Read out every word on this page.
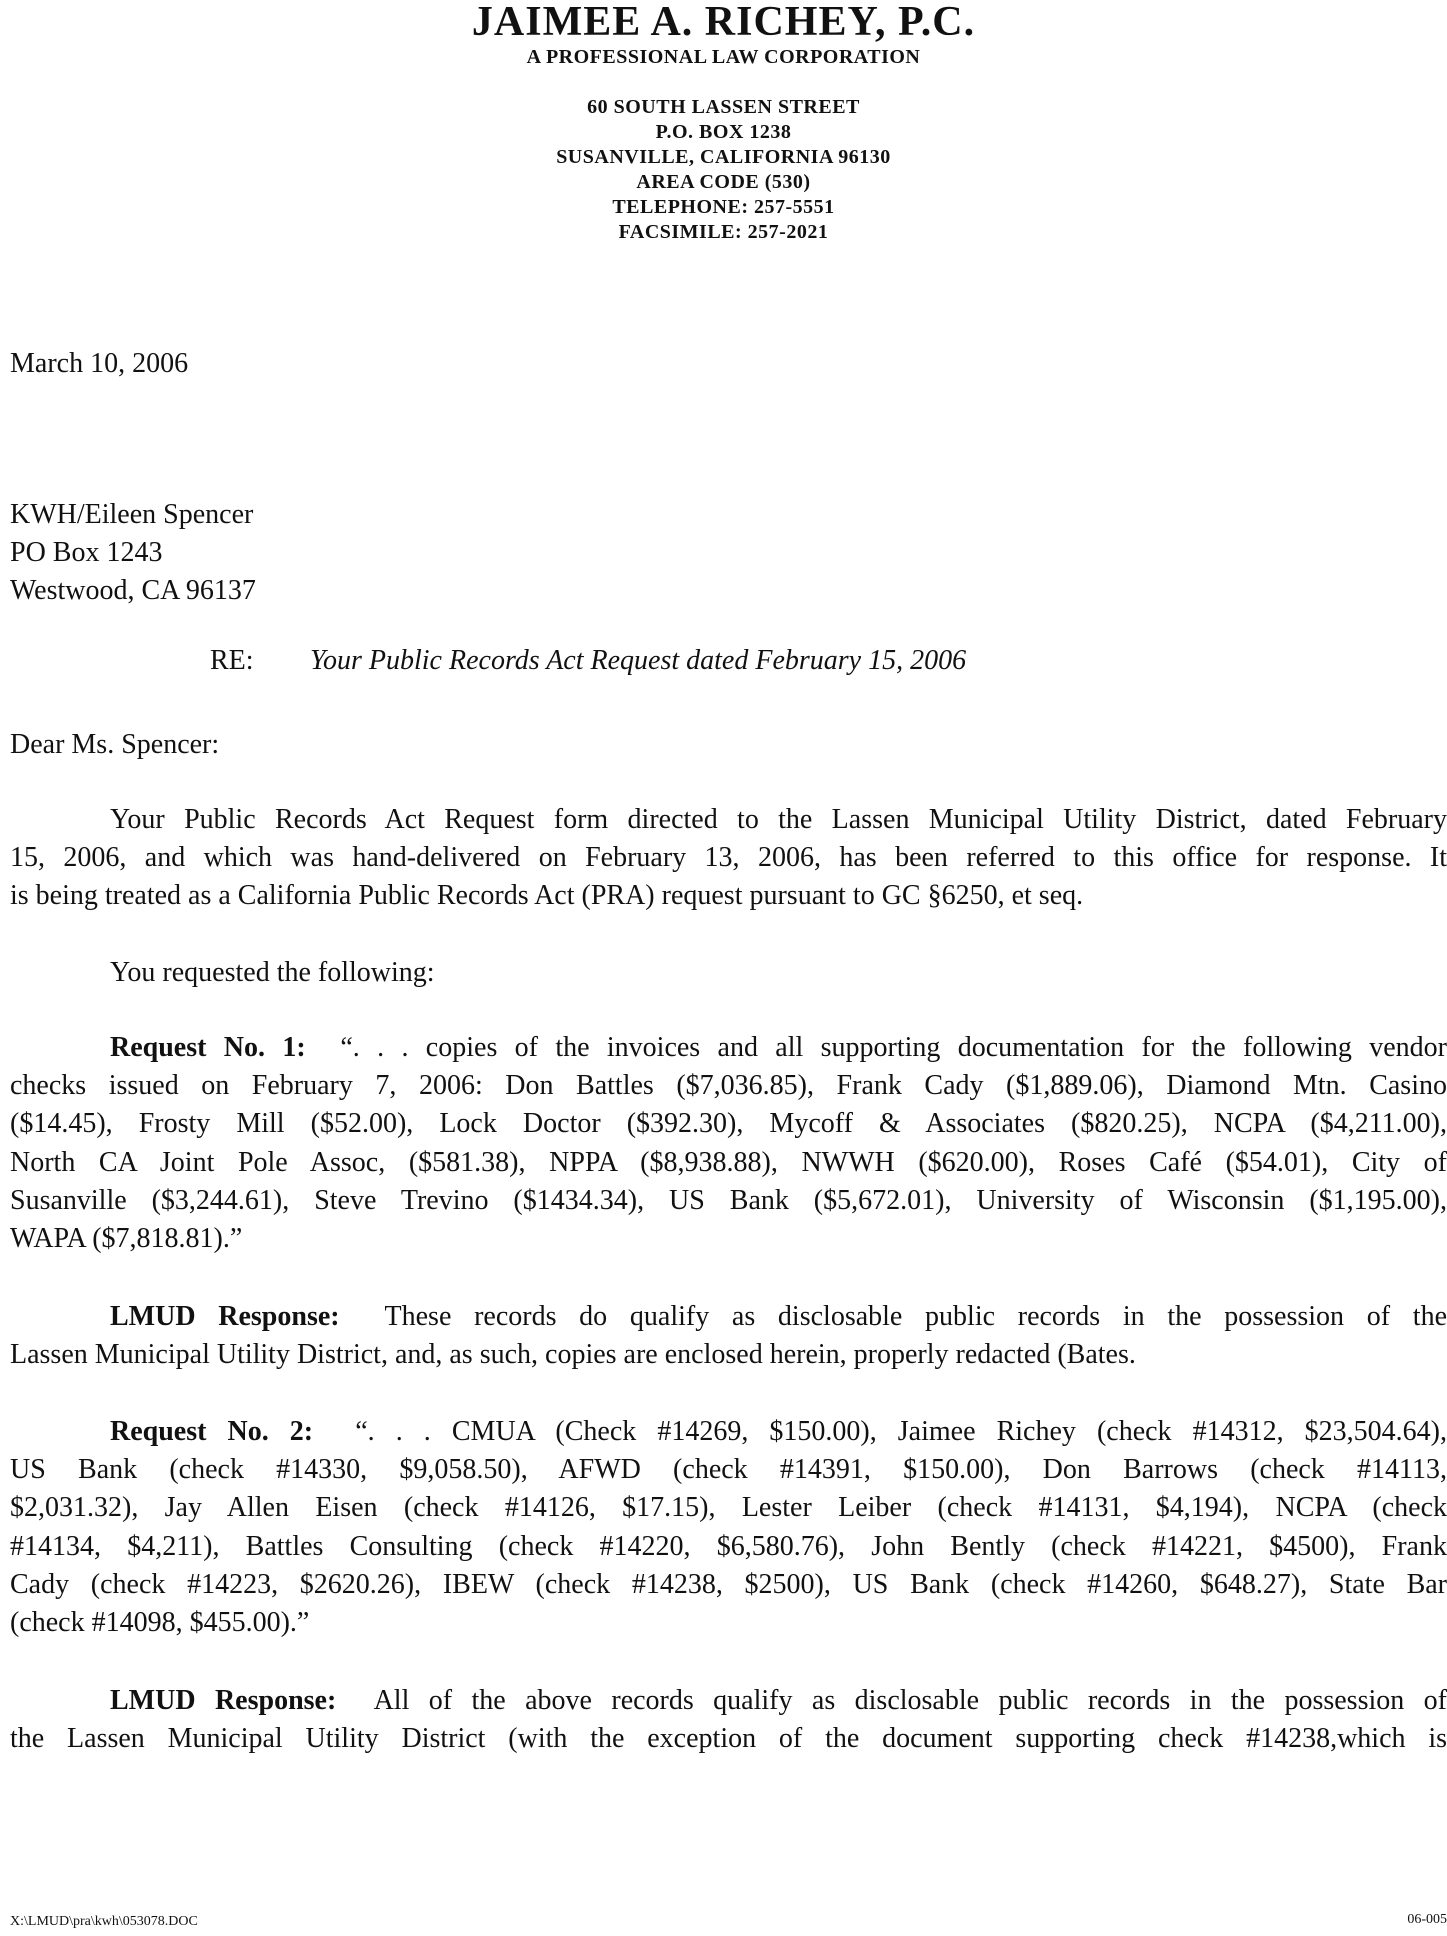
JAIMEE A. RICHEY, P.C.
A PROFESSIONAL LAW CORPORATION
60 SOUTH LASSEN STREET
P.O. BOX 1238
SUSANVILLE, CALIFORNIA 96130
AREA CODE (530)
TELEPHONE: 257-5551
FACSIMILE: 257-2021
March 10, 2006
KWH/Eileen Spencer
PO Box 1243
Westwood, CA 96137
RE: Your Public Records Act Request dated February 15, 2006
Dear Ms. Spencer:
Your Public Records Act Request form directed to the Lassen Municipal Utility District, dated February
15, 2006, and which was hand-delivered on February 13, 2006, has been referred to this office for response. It
is being treated as a California Public Records Act (PRA) request pursuant to GC §6250, et seq.
You requested the following:
Request No. 1: “. . . copies of the invoices and all supporting documentation for the following vendor
checks issued on February 7, 2006: Don Battles ($7,036.85), Frank Cady ($1,889.06), Diamond Mtn. Casino
($14.45), Frosty Mill ($52.00), Lock Doctor ($392.30), Mycoff & Associates ($820.25), NCPA ($4,211.00),
North CA Joint Pole Assoc, ($581.38), NPPA ($8,938.88), NWWH ($620.00), Roses Café ($54.01), City of
Susanville ($3,244.61), Steve Trevino ($1434.34), US Bank ($5,672.01), University of Wisconsin ($1,195.00),
WAPA ($7,818.81).”
LMUD Response: These records do qualify as disclosable public records in the possession of the
Lassen Municipal Utility District, and, as such, copies are enclosed herein, properly redacted (Bates.
Request No. 2: “. . . CMUA (Check #14269, $150.00), Jaimee Richey (check #14312, $23,504.64),
US Bank (check #14330, $9,058.50), AFWD (check #14391, $150.00), Don Barrows (check #14113,
$2,031.32), Jay Allen Eisen (check #14126, $17.15), Lester Leiber (check #14131, $4,194), NCPA (check
#14134, $4,211), Battles Consulting (check #14220, $6,580.76), John Bently (check #14221, $4500), Frank
Cady (check #14223, $2620.26), IBEW (check #14238, $2500), US Bank (check #14260, $648.27), State Bar
(check #14098, $455.00).”
LMUD Response: All of the above records qualify as disclosable public records in the possession of
the Lassen Municipal Utility District (with the exception of the document supporting check #14238,which is
X:\LMUD\pra\kwh\053078.DOC	06-005
